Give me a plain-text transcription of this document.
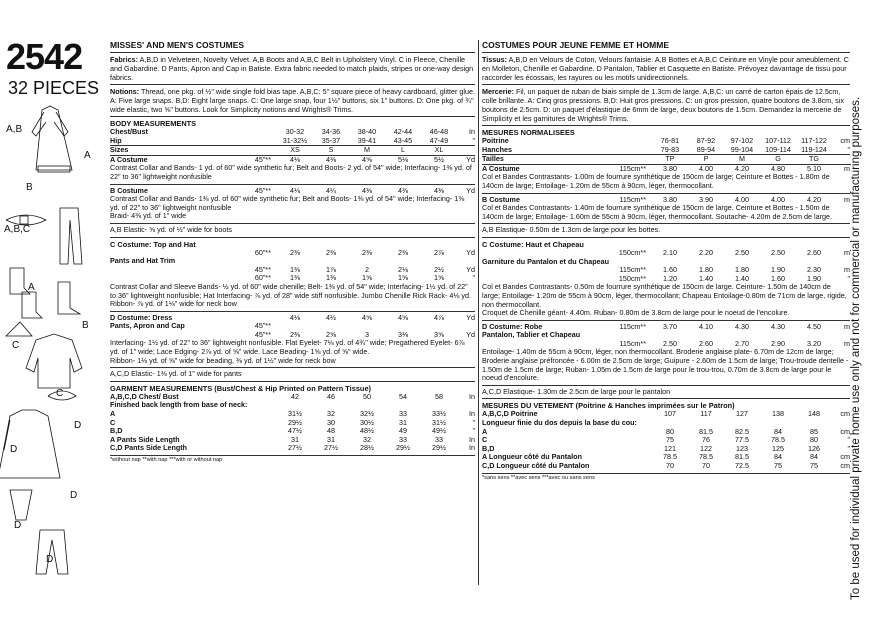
2542
32 PIECES
A,B
A
B
A,B,C
A
B
C
C
D
D
D
D
D
MISSES' AND MEN'S COSTUMES
Fabrics: A,B,D in Velveteen, Novelty Velvet. A,B Boots and A,B,C Belt in Upholstery Vinyl. C in Fleece, Chenille and Gabardine. D Pants, Apron and Cap in Batiste. Extra fabric needed to match plaids, stripes or one-way design fabrics.
Notions: Thread, one pkg. of ½" wide single fold bias tape. A,B,C: 5" square piece of heavy cardboard, glitter glue. A: Five large snaps. B,D: Eight large snaps. C: One large snap, four 1½" buttons, six 1" buttons. D: One pkg. of ¾" wide elastic, two ⅝" buttons. Look for Simplicity notions and Wrights® Trims.
BODY MEASUREMENTS
Chest/Bust		30-32	34-36	38-40	42-44	46-48	In
Hip		31-32½	35-37	39-41	43-45	47-49	"
Sizes		XS	S	M	L	XL	
A Costume	45"**	4⅛	4⅜	4⅝	5⅛	5½	Yd
Contrast Collar and Bands- 1 yd. of 60" wide synthetic fur; Belt and Boots- 2 yd. of 54" wide; Interfacing- 1⅜ yd. of 22" to 36" lightweight nonfusible
B Costume	45"**	4⅛	4¼	4⅜	4⅜	4⅜	Yd
Contrast Collar and Bands- 1⅜ yd. of 60" wide synthetic fur; Belt and Boots- 1⅜ yd. of 54" wide; Interfacing- 1⅜ yd. of 22" to 36" lightweight nonfusible
Braid- 4⅜ yd. of 1" wide
A,B Elastic- ⅝ yd. of ½" wide for boots
C Costume: Top and Hat
	60"**	2⅜	2⅜	2⅜	2⅜	2⅞	Yd
Pants and Hat Trim							
	45"**	1⅜	1⅞	2	2⅛	2½	Yd
	60"**	1⅜	1⅜	1⅝	1⅝	1⅝	"
Contrast Collar and Sleeve Bands- ½ yd. of 60" wide chenille; Belt- 1⅜ yd. of 54" wide; Interfacing- 1½ yd. of 22" to 36" lightweight nonfusible; Hat Interfacing- ⅞ yd. of 28" wide stiff nonfusible. Jumbo Chenille Rick Rack- 4⅛ yd.
Ribbon- ⅞ yd. of 1⅛" wide for neck bow
D Costume: Dress		4⅛	4½	4⅝	4⅝	4⅞	Yd
Pants, Apron and Cap	45"**						
	45"**	2⅜	2⅝	3	3⅛	3⅝	Yd
Interfacing- 1½ yd. of 22" to 36" lightweight nonfusible. Flat Eyelet- 7⅛ yd. of 4¾" wide; Pregathered Eyelet- 6⅞ yd. of 1" wide; Lace Edging- 2⅞ yd. of ⅝" wide. Lace Beading- 1⅝ yd. of ⅝" wide.
Ribbon- 1⅛ yd. of ⅝" wide for beading, ⅜ yd. of 1½" wide for neck bow
A,C,D Elastic- 1⅜ yd. of 1" wide for pants
GARMENT MEASUREMENTS (Bust/Chest & Hip Printed on Pattern Tissue)
A,B,C,D Chest/ Bust		42	46	50	54	58	In
Finished back length from base of neck:							
A		31½	32	32½	33	33½	In
C		29½	30	30½	31	31½	"
B,D		47½	48	48½	49	49½	"
A Pants Side Length		31	31	32	33	33	In
C,D Pants Side Length		27½	27½	28½	29½	29½	In
*without nap **with nap ***with or without nap
COSTUMES POUR JEUNE FEMME ET HOMME
Tissus: A,B,D en Velours de Coton, Velours fantaisie. A,B Bottes et A,B,C Ceinture en Vinyle pour ameublement. C en Molleton, Chenille et Gabardine. D Pantalon, Tablier et Casquette en Batiste. Prévoyez davantage de tissu pour raccorder les écossais, les rayures ou les motifs unidirectionnels.
Mercerie: Fil, un paquet de ruban de biais simple de 1.3cm de large. A,B,C: un carré de carton épais de 12.5cm, colle brillante. A: Cinq gros pressions. B,D: Huit gros pressions. C: un gros pression, quatre boutons de 3.8cm, six boutons de 2.5cm. D: un paquet d'élastique de 6mm de large, deux boutons de 1.5cm. Demandez la mercerie de Simplicity et les garnitures de Wrights® Trims.
MESURES NORMALISEES
Poitrine		76-81	87-92	97-102	107-112	117-122	cm
Hanches		79-83	89-94	99-104	109-114	119-124	"
Tailles		TP	P	M	G	TG	
A Costume	115cm**	3.80	4.00	4.20	4.80	5.10	m
Col et Bandes Contrastants- 1.00m de fourrure synthétique de 150cm de large; Ceinture et Bottes - 1.80m de 140cm de large; Entoilage- 1.20m de 55cm à 90cm, léger, thermocollant.
B Costume	115cm**	3.80	3.90	4.00	4.00	4.20	m
Col et Bandes Contrastants- 1.40m de fourrure synthétique de 150cm de large. Ceinture et Bottes - 1.50m de 140cm de large; Entoilage- 1.60m de 55cm à 90cm, léger, thermocollant. Soutache- 4.20m de 2.5cm de large.
A,B Elastique- 0.50m de 1.3cm de large pour les bottes.
C Costume: Haut et Chapeau
	150cm**	2.10	2.20	2.50	2.50	2.60	m
Garniture du Pantalon et du Chapeau							
	115cm**	1.60	1.80	1.80	1.90	2.30	m
	150cm**	1.20	1.40	1.40	1.60	1.90	"
Col et Bandes Contrastants- 0.50m de fourrure synthétique de 150cm de large. Ceinture- 1.50m de 140cm de large; Entoilage- 1.20m de 55cm à 90cm, léger, thermocollant; Chapeau Entoilage-0.80m de 71cm de large, rigide, non thermocollant.
Croquet de Chenille géant- 4.40m. Ruban- 0.80m de 3.8cm de large pour le noeud de l'encolure.
D Costume: Robe	115cm**	3.70	4.10	4.30	4.30	4.50	m
Pantalon, Tablier et Chapeau							
	115cm**	2.50	2.60	2.70	2.90	3.20	m
Entoilage- 1.40m de 55cm à 90cm, léger, non thermocollant. Broderie anglaise plate- 6.70m de 12cm de large; Broderie anglaise préfroncée - 6.00m de 2.5cm de large; Guipure - 2.60m de 1.5cm de large; Trou-troude dentelle - 1.50m de 1.5cm de large; Ruban- 1.05m de 1.5cm de large pour le trou-trou, 0.70m de 3.8cm de large pour le noeud d'encolure.
A,C,D Elastique- 1.30m de 2.5cm de large pour le pantalon
MESURES DU VETEMENT (Poitrine & Hanches imprimées sur le Patron)
A,B,C,D Poitrine		107	117	127	138	148	cm
Longueur finie du dos depuis la base du cou:							
A		80	81.5	82.5	84	85	cm
C		75	76	77.5	78.5	80	"
B,D		121	122	123	125	126	"
A Longueur côté du Pantalon		78.5	78.5	81.5	84	84	cm
C,D Longueur côté du Pantalon		70	70	72.5	75	75	cm
*sans sens **avec sens ***avec ou sans sens	To be used for individual private home use only and not for commercial or manufacturing purposes.
